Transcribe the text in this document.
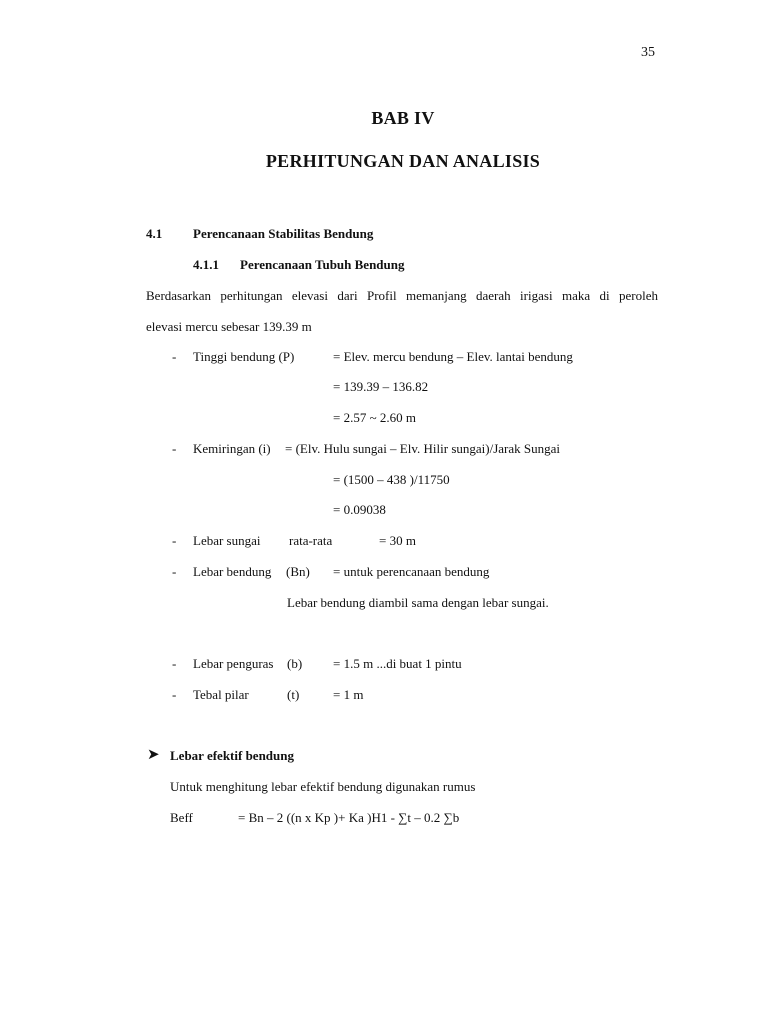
35
BAB IV
PERHITUNGAN DAN ANALISIS
4.1 Perencanaan Stabilitas Bendung
4.1.1 Perencanaan Tubuh Bendung
Berdasarkan perhitungan elevasi dari Profil memanjang daerah irigasi maka di peroleh
elevasi mercu sebesar 139.39 m
- Tinggi bendung (P)	= Elev. mercu bendung – Elev. lantai bendung
= 139.39 – 136.82
= 2.57 ~ 2.60 m
- Kemiringan (i) = (Elv. Hulu sungai – Elv. Hilir sungai)/Jarak Sungai
= (1500 – 438 )/11750
= 0.09038
- Lebar sungai rata-rata	= 30 m
- Lebar bendung (Bn) = untuk perencanaan bendung
Lebar bendung diambil sama dengan lebar sungai.
- Lebar penguras (b) = 1.5 m ...di buat 1 pintu
- Tebal pilar	(t)	= 1 m
➤ Lebar efektif bendung
Untuk menghitung lebar efektif bendung digunakan rumus
Beff	= Bn – 2 ((n x Kp )+ Ka )H1 - ∑t – 0.2 ∑b
